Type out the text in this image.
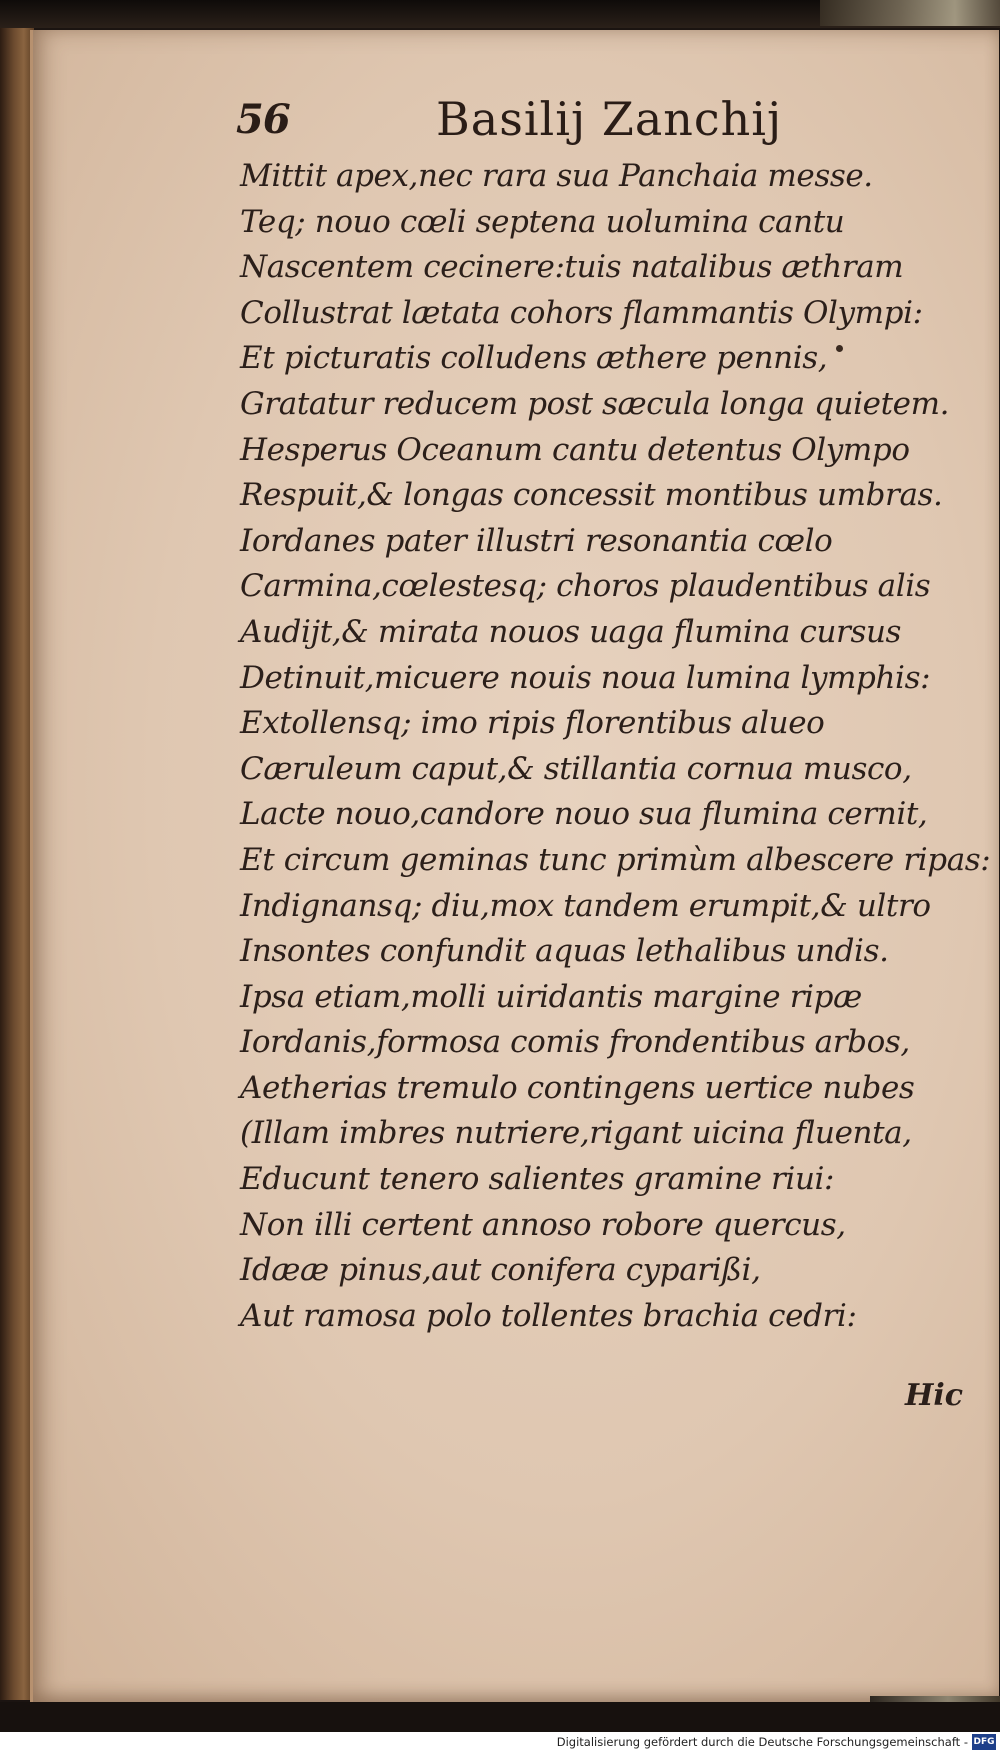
56	Basilij Zanchij
Mittit apex,nec rara sua Panchaia messe.
Teq; nouo cœli septena uolumina cantu
Nascentem cecinere:tuis natalibus æthram
Collustrat lætata cohors flammantis Olympi:
Et picturatis colludens æthere pennis,
Gratatur reducem post sæcula longa quietem.
Hesperus Oceanum cantu detentus Olympo
Respuit,& longas concessit montibus umbras.
Iordanes pater illustri resonantia cœlo
Carmina,cœlestesq; choros plaudentibus alis
Audijt,& mirata nouos uaga flumina cursus
Detinuit,micuere nouis noua lumina lymphis:
Extollensq; imo ripis florentibus alueo
Cæruleum caput,& stillantia cornua musco,
Lacte nouo,candore nouo sua flumina cernit,
Et circum geminas tunc primùm albescere ripas:
Indignansq; diu,mox tandem erumpit,& ultro
Insontes confundit aquas lethalibus undis.
Ipsa etiam,molli uiridantis margine ripæ
Iordanis,formosa comis frondentibus arbos,
Aetherias tremulo contingens uertice nubes
(Illam imbres nutriere,rigant uicina fluenta,
Educunt tenero salientes gramine riui:
Non illi certent annoso robore quercus,
Idææ pinus,aut conifera cyparißi,
Aut ramosa polo tollentes brachia cedri:
Hic
Digitalisierung gefördert durch die Deutsche Forschungsgemeinschaft - DFG
